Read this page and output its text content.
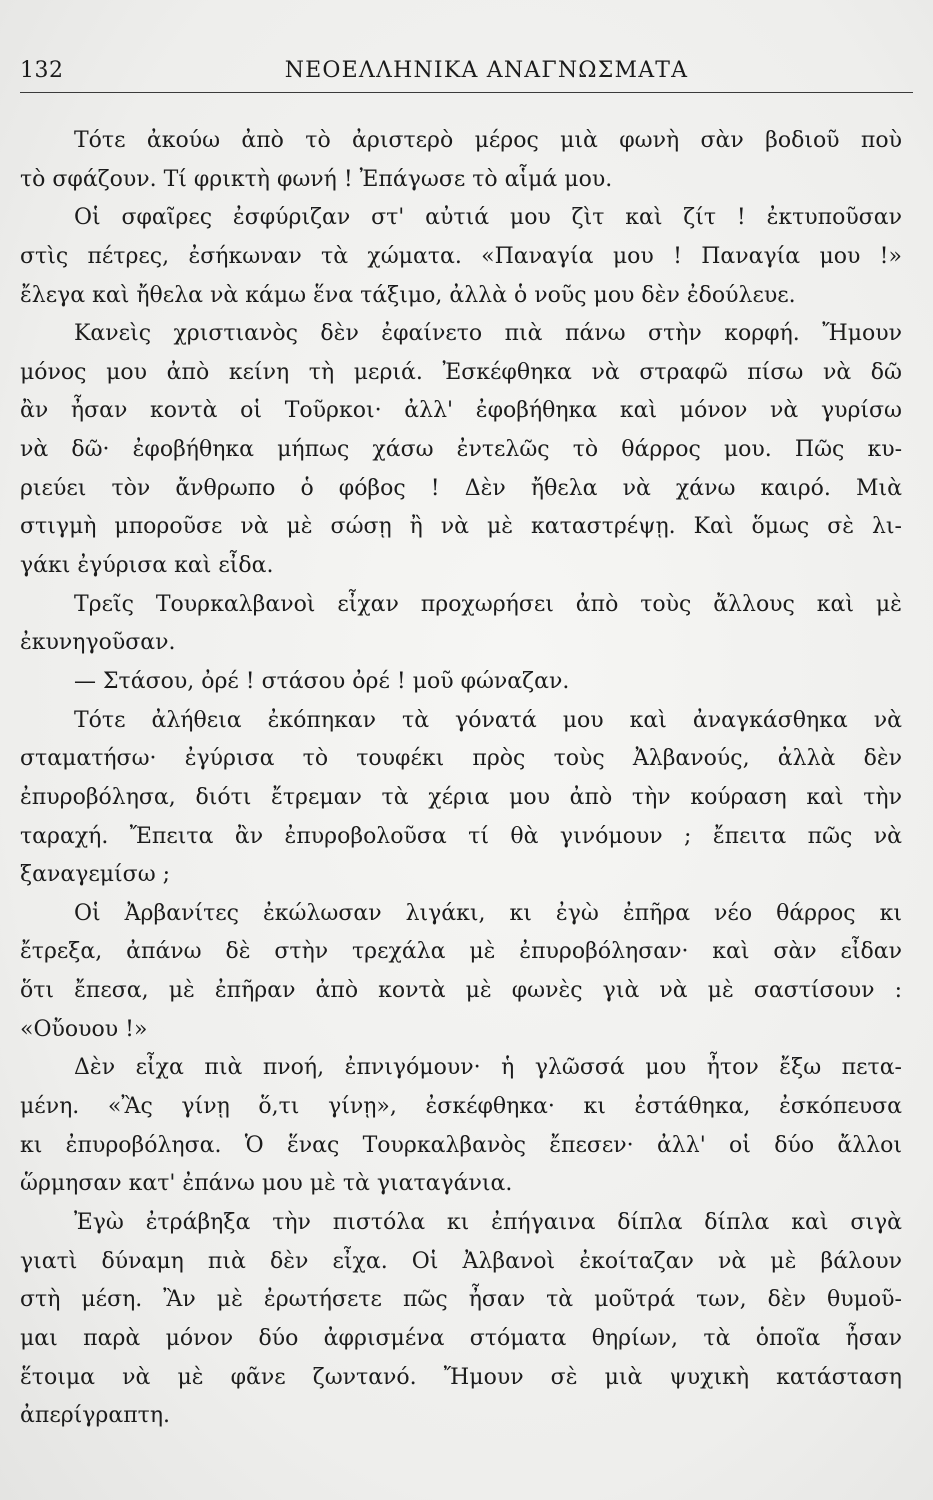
132	ΝΕΟΕΛΛΗΝΙΚΑ ΑΝΑΓΝΩΣΜΑΤΑ
Τότε ἀκούω ἀπὸ τὸ ἀριστερὸ μέρος μιὰ φωνὴ σὰν βοδιοῦ ποὺ
τὸ σφάζουν. Τί φρικτὴ φωνή ! Ἐπάγωσε τὸ αἷμά μου.
Οἱ σφαῖρες ἐσφύριζαν στ' αὐτιά μου ζὶτ καὶ ζίτ ! ἐκτυποῦσαν
στὶς πέτρες, ἐσήκωναν τὰ χώματα. «Παναγία μου ! Παναγία μου !»
ἔλεγα καὶ ἤθελα νὰ κάμω ἕνα τάξιμο, ἀλλὰ ὁ νοῦς μου δὲν ἐδούλευε.
Κανεὶς χριστιανὸς δὲν ἐφαίνετο πιὰ πάνω στὴν κορφή. Ἤμουν
μόνος μου ἀπὸ κείνη τὴ μεριά. Ἐσκέφθηκα νὰ στραφῶ πίσω νὰ δῶ
ἂν ἦσαν κοντὰ οἱ Τοῦρκοι· ἀλλ' ἐφοβήθηκα καὶ μόνον νὰ γυρίσω
νὰ δῶ· ἐφοβήθηκα μήπως χάσω ἐντελῶς τὸ θάρρος μου. Πῶς κυ-
ριεύει τὸν ἄνθρωπο ὁ φόβος ! Δὲν ἤθελα νὰ χάνω καιρό. Μιὰ
στιγμὴ μποροῦσε νὰ μὲ σώσῃ ἢ νὰ μὲ καταστρέψῃ. Καὶ ὅμως σὲ λι-
γάκι ἐγύρισα καὶ εἶδα.
Τρεῖς Τουρκαλβανοὶ εἶχαν προχωρήσει ἀπὸ τοὺς ἄλλους καὶ μὲ
ἐκυνηγοῦσαν.
— Στάσου, ὀρέ ! στάσου ὀρέ ! μοῦ φώναζαν.
Τότε ἀλήθεια ἐκόπηκαν τὰ γόνατά μου καὶ ἀναγκάσθηκα νὰ
σταματήσω· ἐγύρισα τὸ τουφέκι πρὸς τοὺς Ἀλβανούς, ἀλλὰ δὲν
ἐπυροβόλησα, διότι ἔτρεμαν τὰ χέρια μου ἀπὸ τὴν κούραση καὶ τὴν
ταραχή. Ἔπειτα ἂν ἐπυροβολοῦσα τί θὰ γινόμουν ; ἔπειτα πῶς νὰ
ξαναγεμίσω ;
Οἱ Ἀρβανίτες ἐκώλωσαν λιγάκι, κι ἐγὼ ἐπῆρα νέο θάρρος κι
ἔτρεξα, ἀπάνω δὲ στὴν τρεχάλα μὲ ἐπυροβόλησαν· καὶ σὰν εἶδαν
ὅτι ἔπεσα, μὲ ἐπῆραν ἀπὸ κοντὰ μὲ φωνὲς γιὰ νὰ μὲ σαστίσουν :
«Οὔουου !»
Δὲν εἶχα πιὰ πνοή, ἐπνιγόμουν· ἡ γλῶσσά μου ἦτον ἔξω πετα-
μένη. «Ἂς γίνῃ ὅ,τι γίνῃ», ἐσκέφθηκα· κι ἐστάθηκα, ἐσκόπευσα
κι ἐπυροβόλησα. Ὁ ἕνας Τουρκαλβανὸς ἔπεσεν· ἀλλ' οἱ δύο ἄλλοι
ὥρμησαν κατ' ἐπάνω μου μὲ τὰ γιαταγάνια.
Ἐγὼ ἐτράβηξα τὴν πιστόλα κι ἐπήγαινα δίπλα δίπλα καὶ σιγὰ
γιατὶ δύναμη πιὰ δὲν εἶχα. Οἱ Ἀλβανοὶ ἐκοίταζαν νὰ μὲ βάλουν
στὴ μέση. Ἂν μὲ ἐρωτήσετε πῶς ἦσαν τὰ μοῦτρά των, δὲν θυμοῦ-
μαι παρὰ μόνον δύο ἀφρισμένα στόματα θηρίων, τὰ ὁποῖα ἦσαν
ἕτοιμα νὰ μὲ φᾶνε ζωντανό. Ἤμουν σὲ μιὰ ψυχικὴ κατάσταση
ἀπερίγραπτη.
